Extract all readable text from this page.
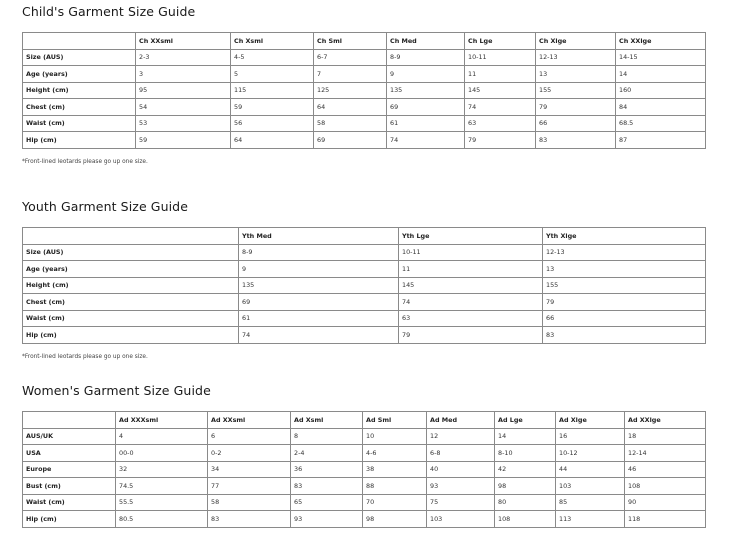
Child's Garment Size Guide
	Ch XXsml	Ch Xsml	Ch Sml	Ch Med	Ch Lge	Ch Xlge	Ch XXlge
Size (AUS)	2-3	4-5	6-7	8-9	10-11	12-13	14-15
Age (years)	3	5	7	9	11	13	14
Height (cm)	95	115	125	135	145	155	160
Chest (cm)	54	59	64	69	74	79	84
Waist (cm)	53	56	58	61	63	66	68.5
Hip (cm)	59	64	69	74	79	83	87

*Front-lined leotards please go up one size.

Youth Garment Size Guide
	Yth Med	Yth Lge	Yth Xlge
Size (AUS)	8-9	10-11	12-13
Age (years)	9	11	13
Height (cm)	135	145	155
Chest (cm)	69	74	79
Waist (cm)	61	63	66
Hip (cm)	74	79	83

*Front-lined leotards please go up one size.

Women's Garment Size Guide
	Ad XXXsml	Ad XXsml	Ad Xsml	Ad Sml	Ad Med	Ad Lge	Ad Xlge	Ad XXlge
AUS/UK	4	6	8	10	12	14	16	18
USA	00-0	0-2	2-4	4-6	6-8	8-10	10-12	12-14
Europe	32	34	36	38	40	42	44	46
Bust (cm)	74.5	77	83	88	93	98	103	108
Waist (cm)	55.5	58	65	70	75	80	85	90
Hip (cm)	80.5	83	93	98	103	108	113	118
